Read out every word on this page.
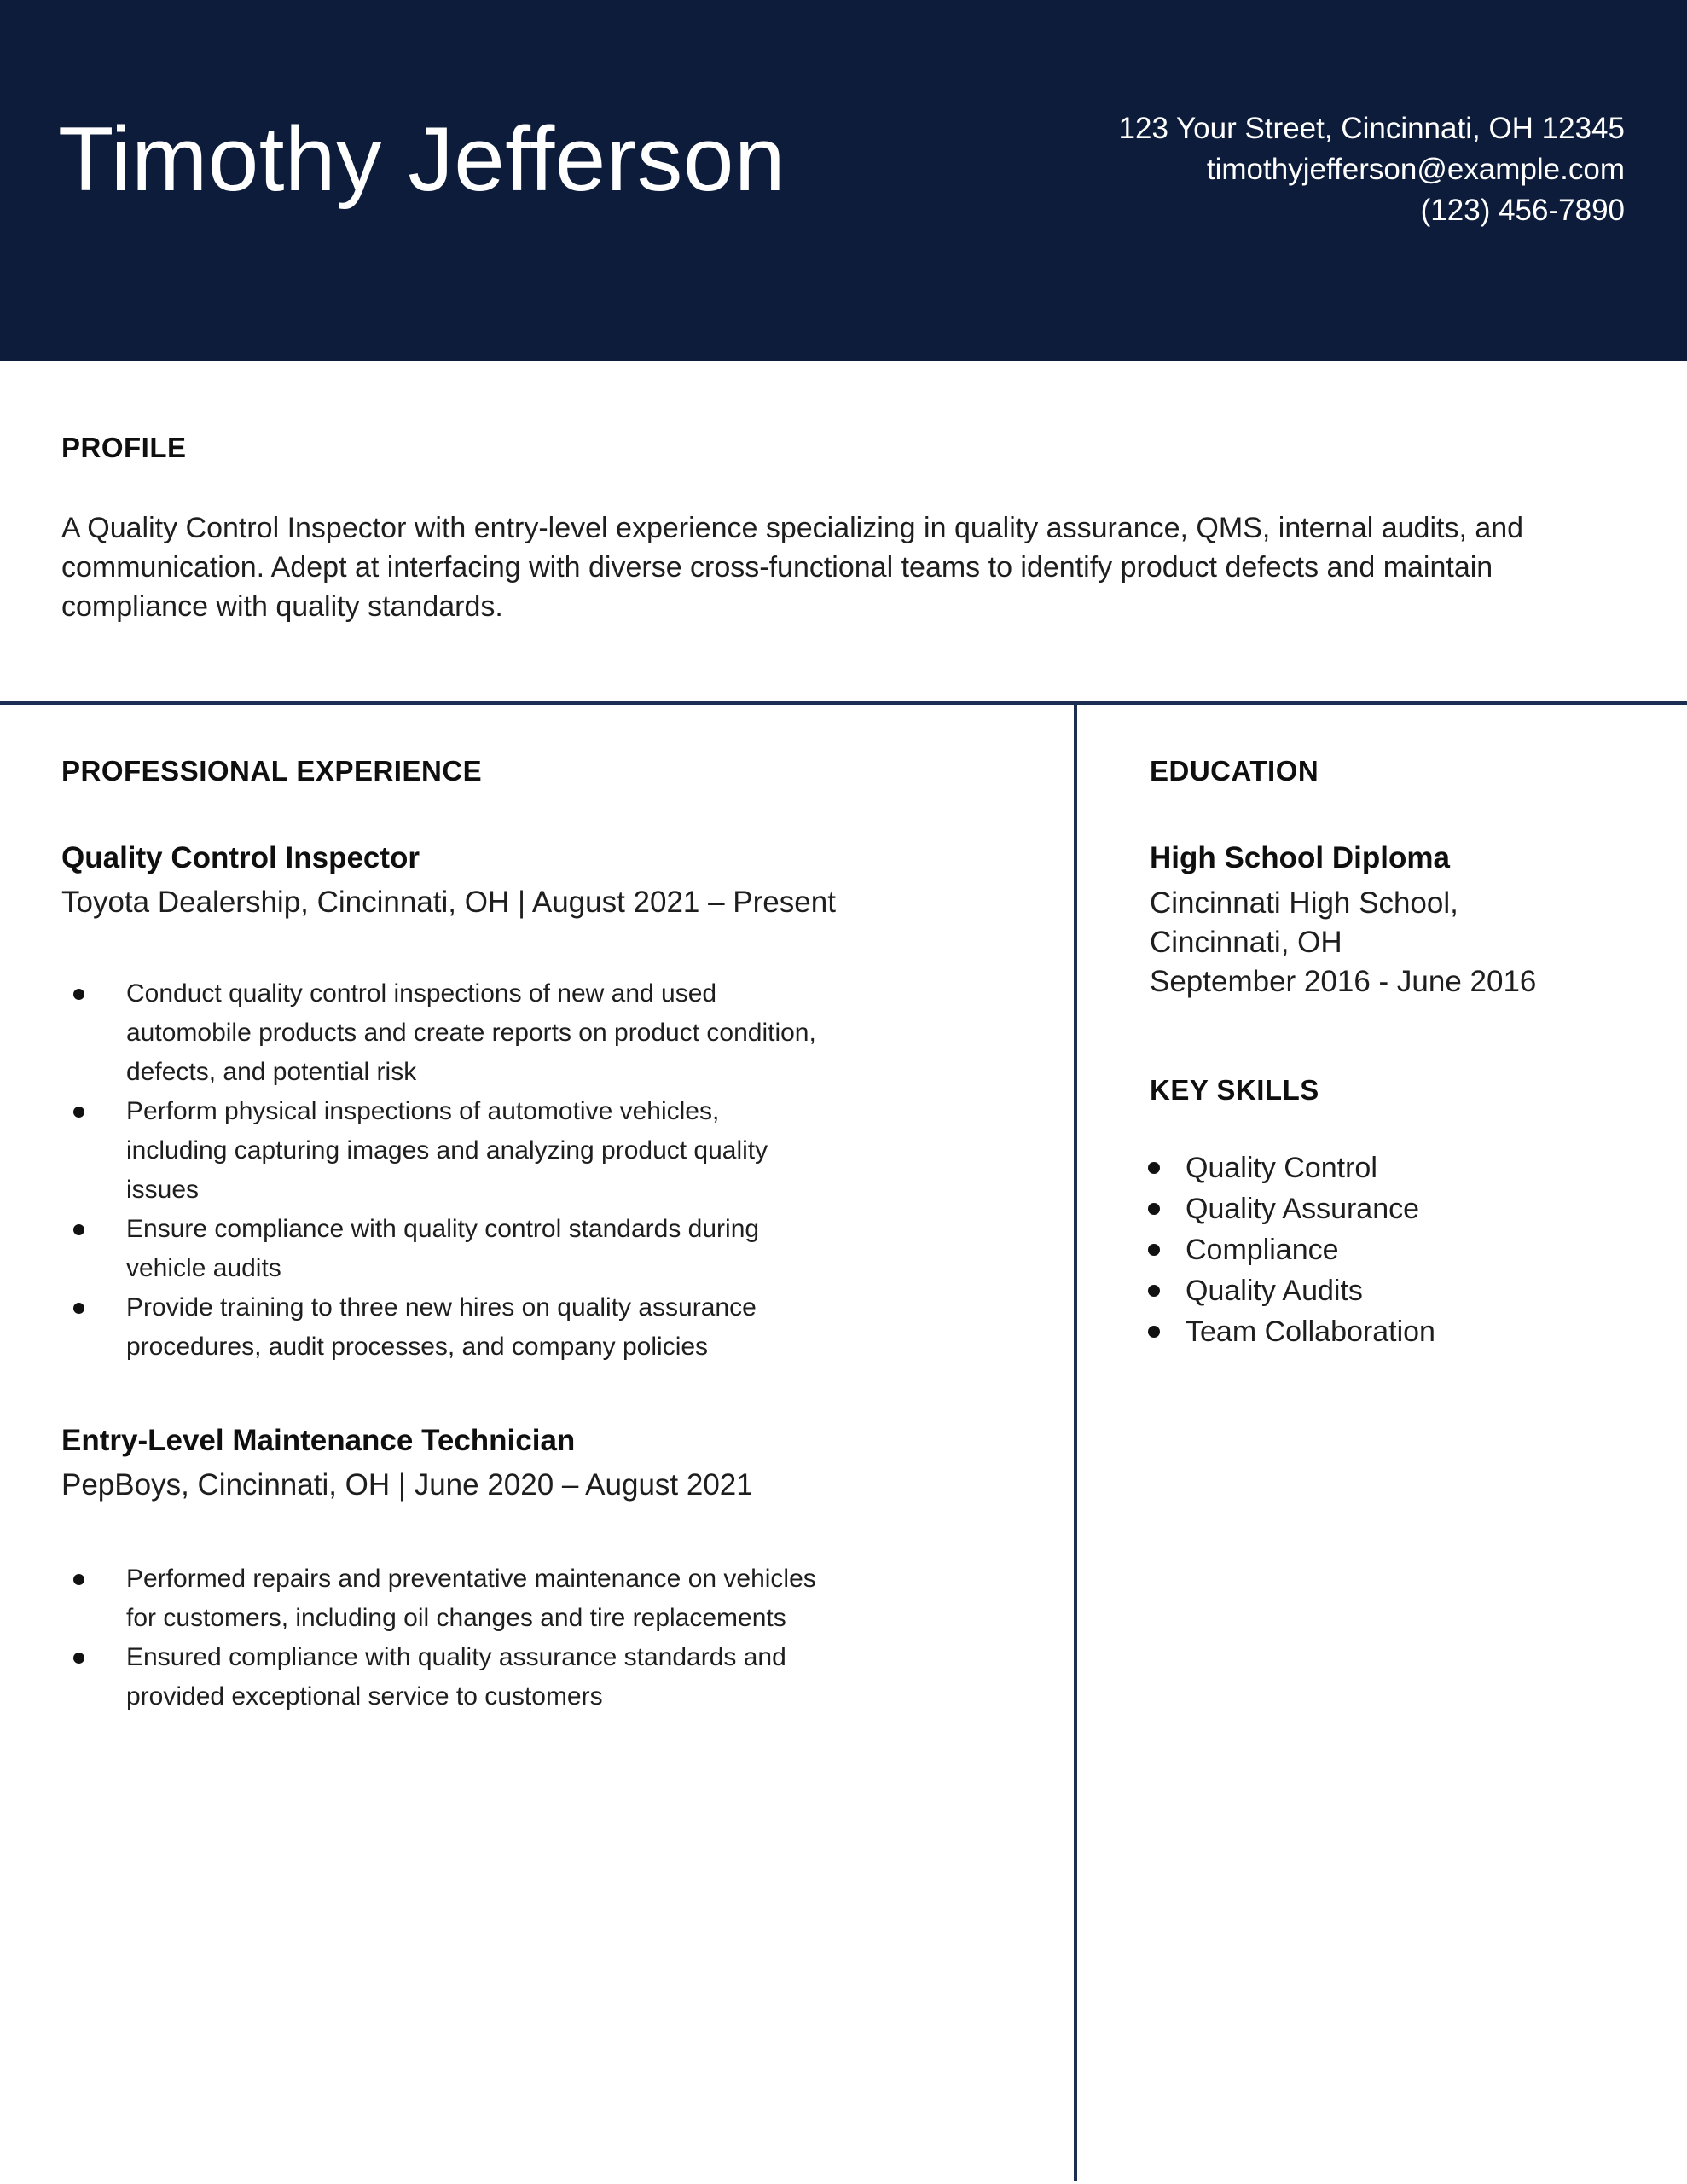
Timothy Jefferson	123 Your Street, Cincinnati, OH 12345
timothyjefferson@example.com
(123) 456-7890
PROFILE

A Quality Control Inspector with entry-level experience specializing in quality assurance, QMS, internal audits, and communication. Adept at interfacing with diverse cross-functional teams to identify product defects and maintain compliance with quality standards.

PROFESSIONAL EXPERIENCE
Quality Control Inspector

Toyota Dealership, Cincinnati, OH | August 2021 – Present

Conduct quality control inspections of new and used automobile products and create reports on product condition, defects, and potential risk
Perform physical inspections of automotive vehicles, including capturing images and analyzing product quality issues
Ensure compliance with quality control standards during vehicle audits
Provide training to three new hires on quality assurance procedures, audit processes, and company policies
Entry-Level Maintenance Technician

PepBoys, Cincinnati, OH | June 2020 – August 2021

Performed repairs and preventative maintenance on vehicles for customers, including oil changes and tire replacements
Ensured compliance with quality assurance standards and provided exceptional service to customers
EDUCATION
High School Diploma
Cincinnati High School,
Cincinnati, OH
September 2016 - June 2016
KEY SKILLS
Quality Control
Quality Assurance
Compliance
Quality Audits
Team Collaboration
